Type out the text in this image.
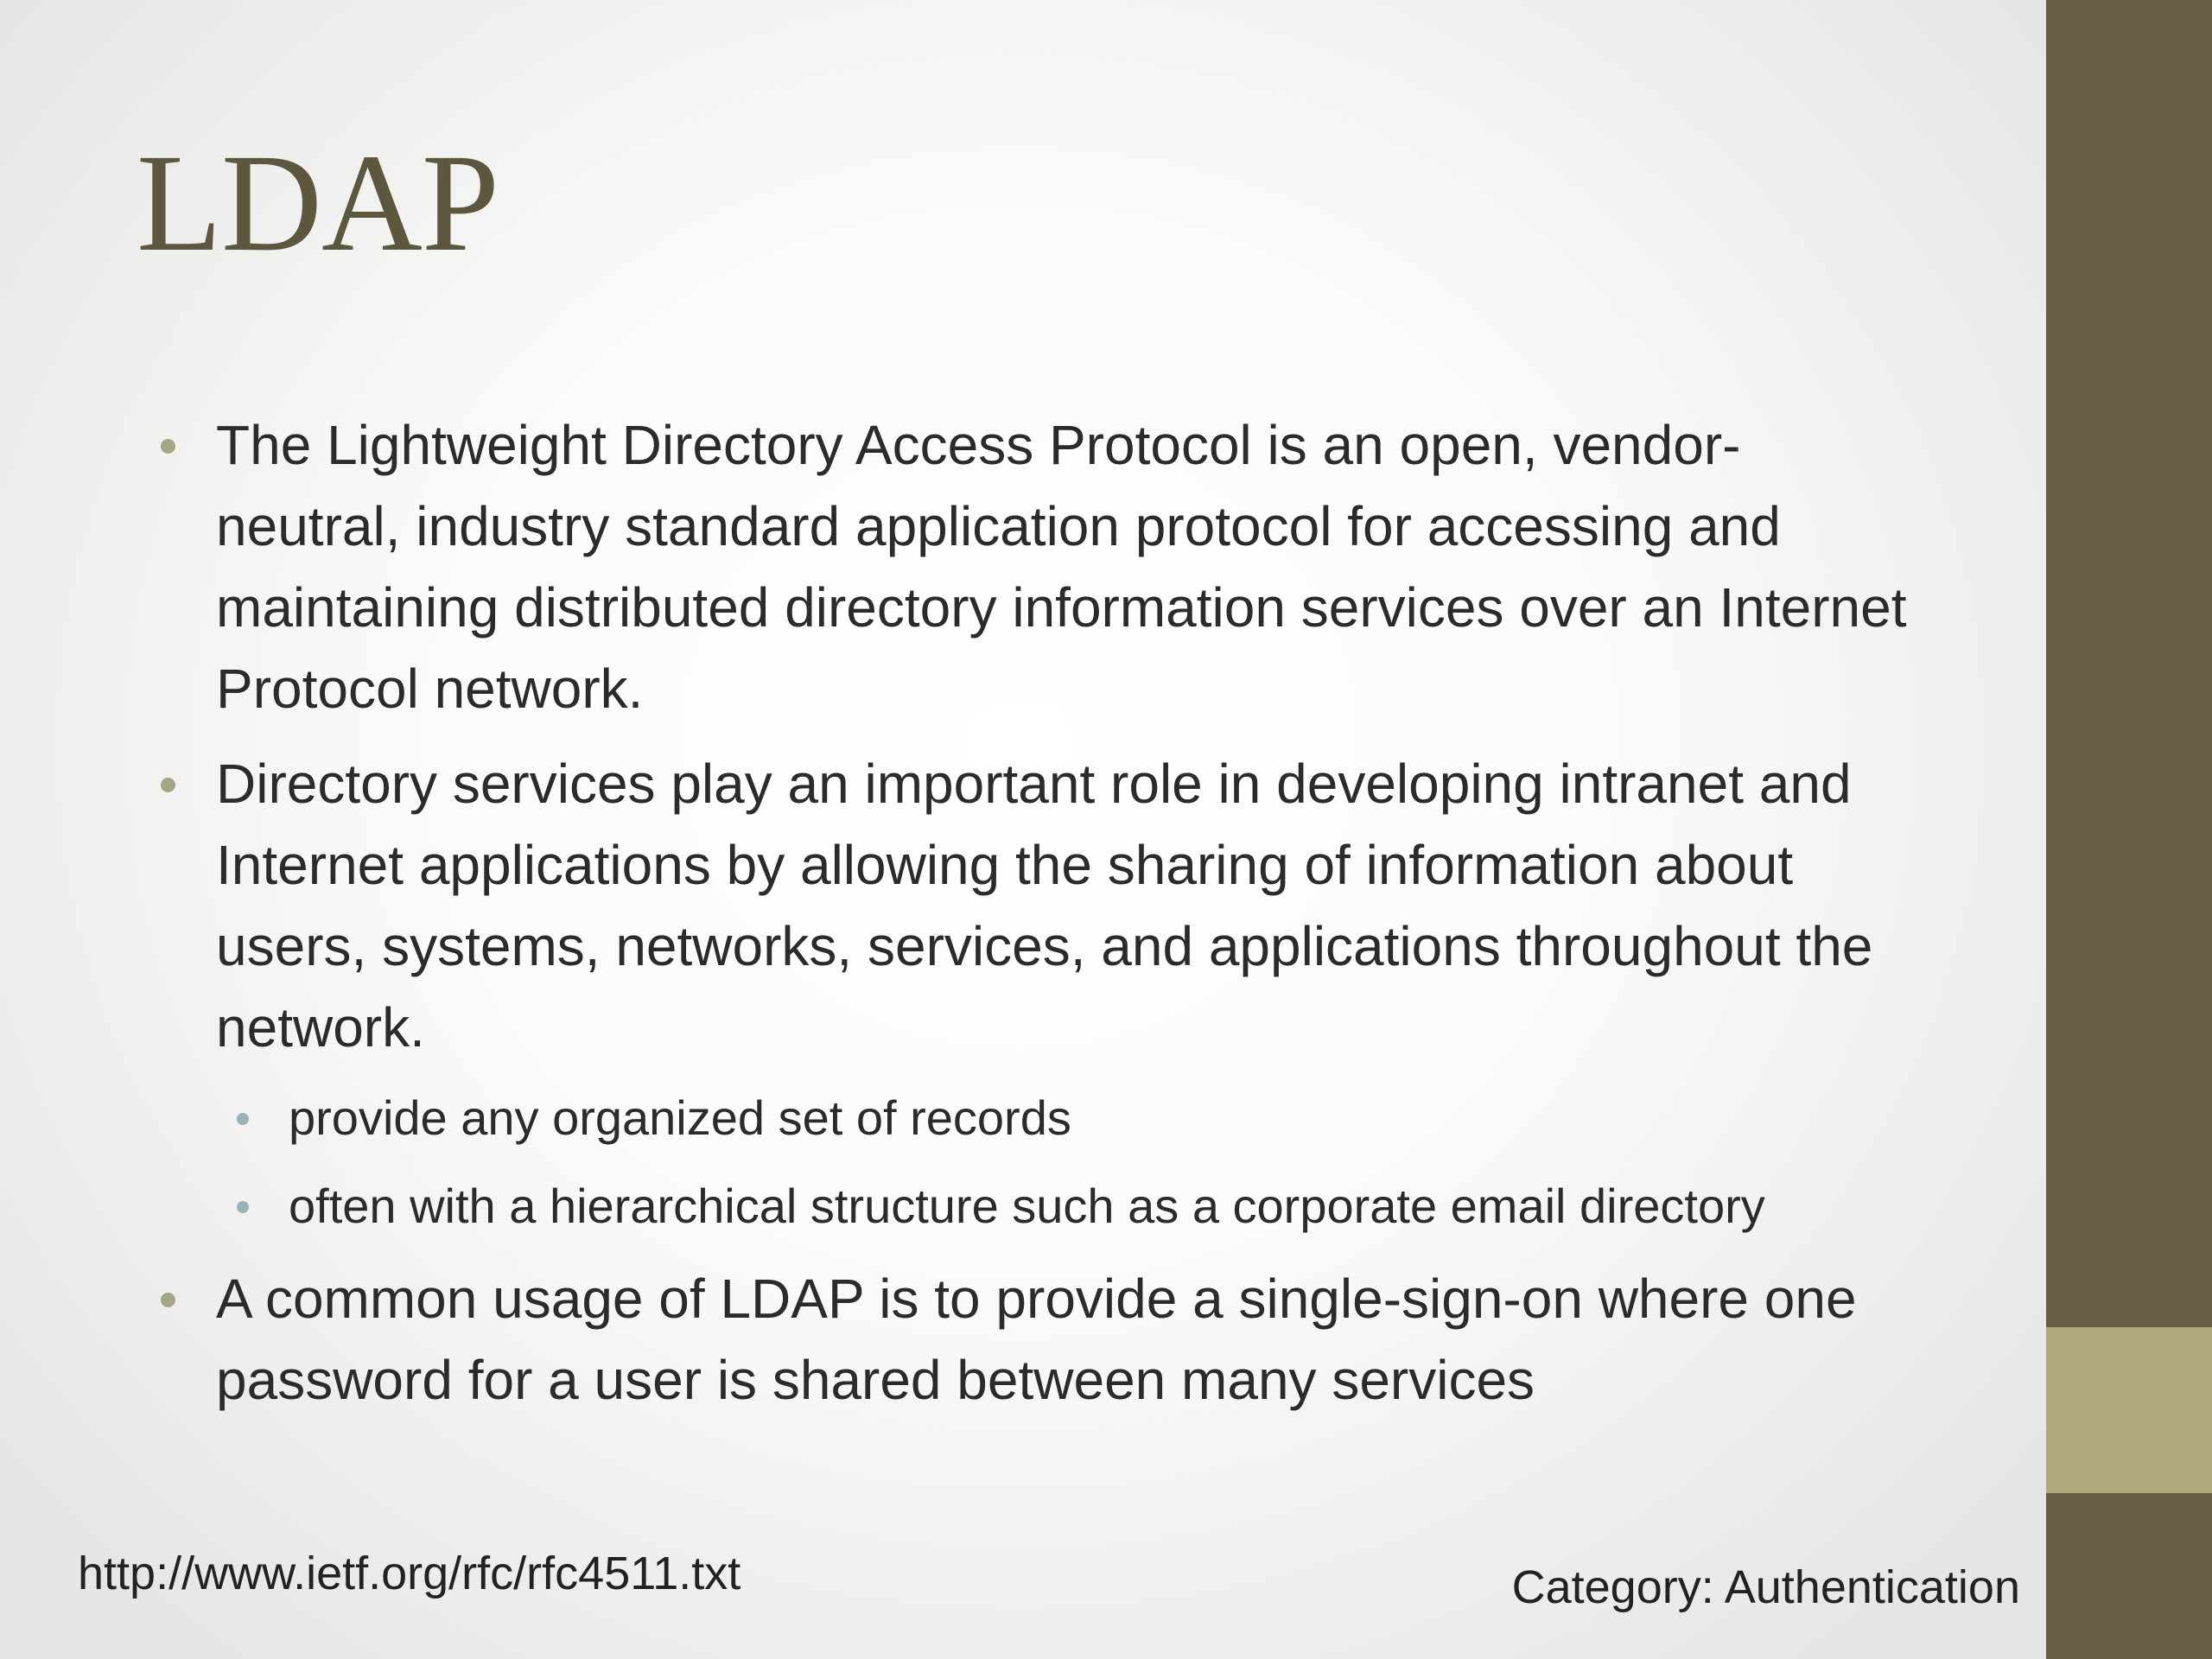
LDAP
The Lightweight Directory Access Protocol is an open, vendor-neutral, industry standard application protocol for accessing and maintaining distributed directory information services over an Internet Protocol network.
Directory services play an important role in developing intranet and Internet applications by allowing the sharing of information about users, systems, networks, services, and applications throughout the network.
provide any organized set of records
often with a hierarchical structure such as a corporate email directory
A common usage of LDAP is to provide a single-sign-on where one password for a user is shared between many services
http://www.ietf.org/rfc/rfc4511.txt	Category: Authentication
